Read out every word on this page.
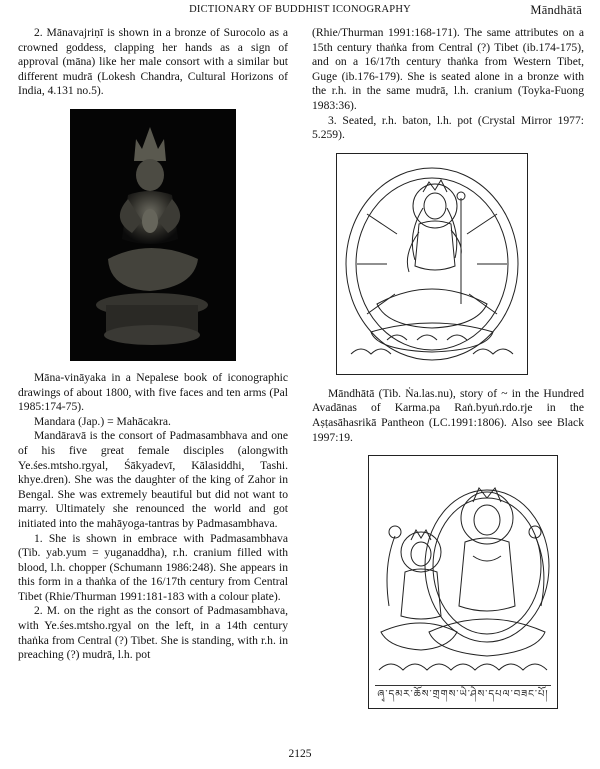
DICTIONARY OF BUDDHIST ICONOGRAPHY	Māndhātā

2. Mānavajriṇī is shown in a bronze of Surocolo as a crowned goddess, clapping her hands as a sign of approval (māna) like her male consort with a similar but different mudrā (Lokesh Chandra, Cultural Horizons of India, 4.131 no.5).

Māna-vināyaka in a Nepalese book of iconographic drawings of about 1800, with five faces and ten arms (Pal 1985:174-75).

Mandara (Jap.) = Mahācakra.

Mandāravā is the consort of Padmasambhava and one of his five great female disciples (alongwith Ye.śes.mtsho.rgyal, Śākyadevī, Kālasiddhi, Tashi. khye.dren). She was the daughter of the king of Zahor in Bengal. She was extremely beautiful but did not want to marry. Ultimately she renounced the world and got initiated into the mahāyoga-tantras by Padmasambhava.

1. She is shown in embrace with Padmasambhava (Tib. yab.yum = yuganaddha), r.h. cranium filled with blood, l.h. chopper (Schumann 1986:248). She appears in this form in a thaṅka of the 16/17th century from Central Tibet (Rhie/Thurman 1991:181-183 with a colour plate).

2. M. on the right as the consort of Padmasambhava, with Ye.śes.mtsho.rgyal on the left, in a 14th century thaṅka from Central (?) Tibet. She is standing, with r.h. in preaching (?) mudrā, l.h. pot

(Rhie/Thurman 1991:168-171). The same attributes on a 15th century thaṅka from Central (?) Tibet (ib.174-175), and on a 16/17th century thaṅka from Western Tibet, Guge (ib.176-179). She is seated alone in a bronze with the r.h. in the same mudrā, l.h. cranium (Toyka-Fuong 1983:36).

3. Seated, r.h. baton, l.h. pot (Crystal Mirror 1977: 5.259).

Māndhātā (Tib. Ṅa.las.nu), story of ~ in the Hundred Avadānas of Karma.pa Raṅ.byuṅ.rdo.rje in the Aṣṭasāhasrikā Pantheon (LC.1991:1806). Also see Black 1997:19.

ཞྭ་དམར་ཆོས་གྲགས་ཡེ་ཤེས་དཔལ་བཟང་པོ།
2125
